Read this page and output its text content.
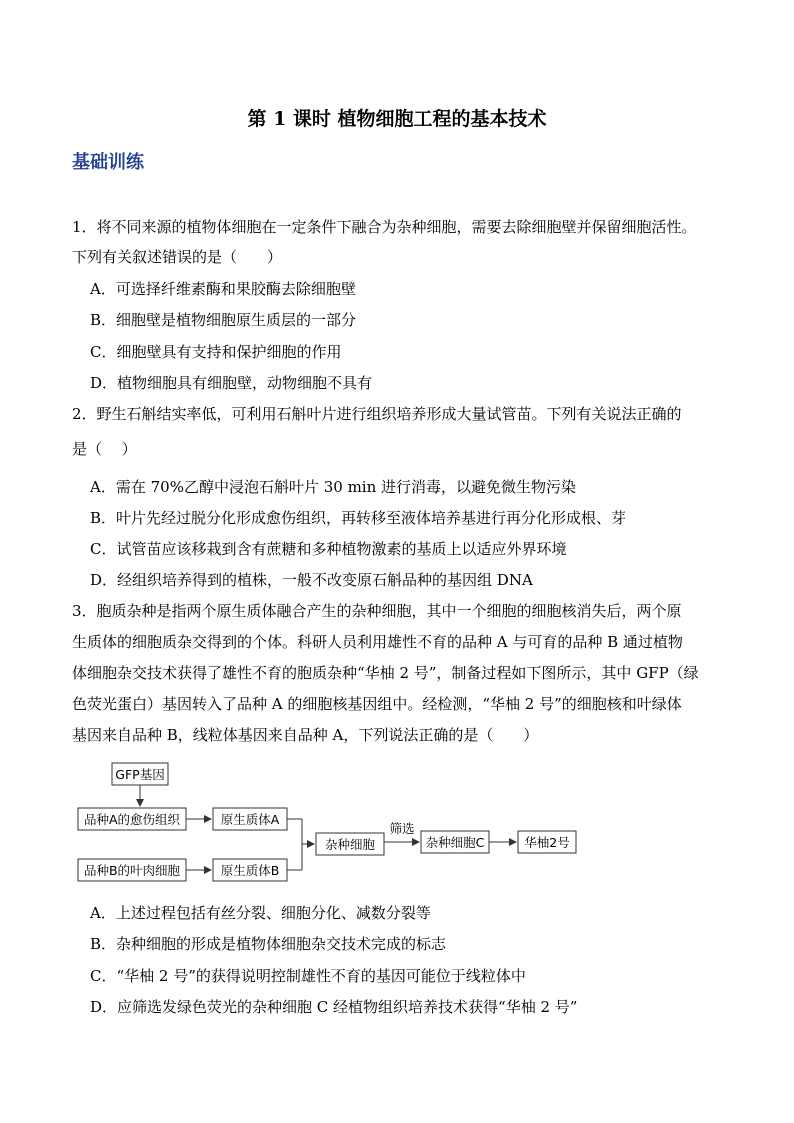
第 1 课时 植物细胞工程的基本技术
基础训练
1．将不同来源的植物体细胞在一定条件下融合为杂种细胞，需要去除细胞壁并保留细胞活性。
下列有关叙述错误的是（　　）
A．可选择纤维素酶和果胶酶去除细胞壁
B．细胞壁是植物细胞原生质层的一部分
C．细胞壁具有支持和保护细胞的作用
D．植物细胞具有细胞壁，动物细胞不具有
2．野生石斛结实率低，可利用石斛叶片进行组织培养形成大量试管苗。下列有关说法正确的
是（　 ）
A．需在 70%乙醇中浸泡石斛叶片 30 min 进行消毒，以避免微生物污染
B．叶片先经过脱分化形成愈伤组织，再转移至液体培养基进行再分化形成根、芽
C．试管苗应该移栽到含有蔗糖和多种植物激素的基质上以适应外界环境
D．经组织培养得到的植株，一般不改变原石斛品种的基因组 DNA
3．胞质杂种是指两个原生质体融合产生的杂种细胞，其中一个细胞的细胞核消失后，两个原
生质体的细胞质杂交得到的个体。科研人员利用雄性不育的品种 A 与可育的品种 B 通过植物
体细胞杂交技术获得了雄性不育的胞质杂种“华柚 2 号”，制备过程如下图所示，其中 GFP（绿
色荧光蛋白）基因转入了品种 A 的细胞核基因组中。经检测，“华柚 2 号”的细胞核和叶绿体
基因来自品种 B，线粒体基因来自品种 A，下列说法正确的是（　　）
GFP基因
品种A的愈伤组织	原生质体A
品种B的叶肉细胞	原生质体B
杂种细胞
筛选
杂种细胞C	华柚2号
A．上述过程包括有丝分裂、细胞分化、减数分裂等
B．杂种细胞的形成是植物体细胞杂交技术完成的标志
C．“华柚 2 号”的获得说明控制雄性不育的基因可能位于线粒体中
D．应筛选发绿色荧光的杂种细胞 C 经植物组织培养技术获得“华柚 2 号”
